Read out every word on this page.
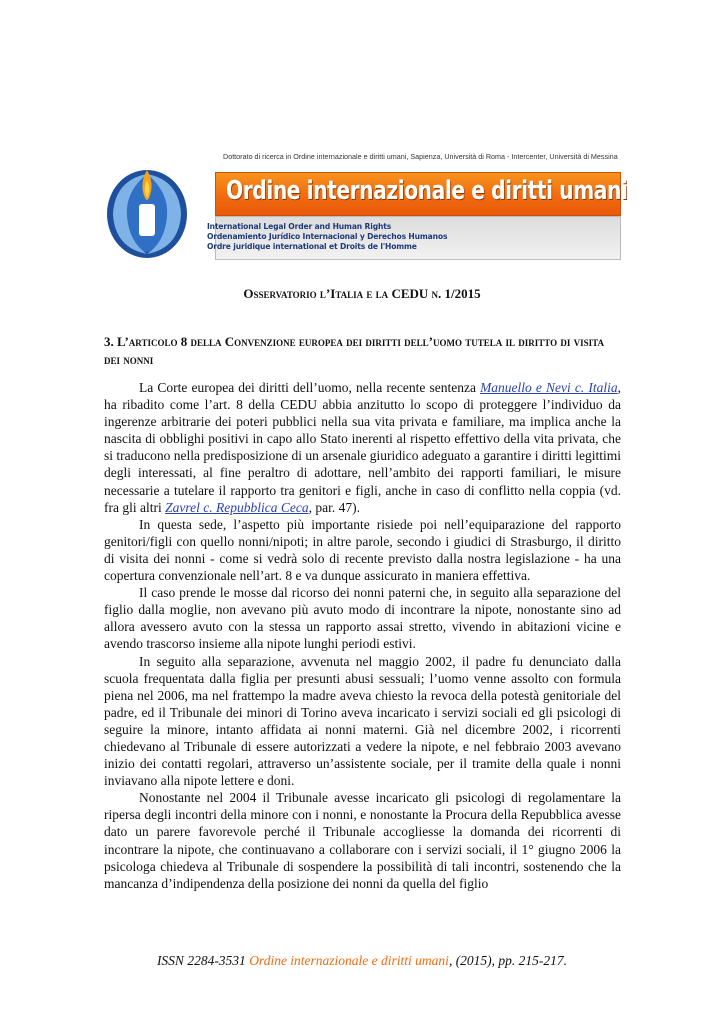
Dottorato di ricerca in Ordine internazionale e diritti umani, Sapienza, Università di Roma - Intercenter, Università di Messina
Ordine internazionale e diritti umani
International Legal Order and Human Rights
Ordenamiento Jurídico Internacional y Derechos Humanos
Ordre juridique international et Droits de l'Homme
Osservatorio l’Italia e la CEDU n. 1/2015
3. L’articolo 8 della Convenzione europea dei diritti dell’uomo tutela il diritto di visita dei nonni

La Corte europea dei diritti dell’uomo, nella recente sentenza Manuello e Nevi c. Italia, ha ribadito come l’art. 8 della CEDU abbia anzitutto lo scopo di proteggere l’individuo da ingerenze arbitrarie dei poteri pubblici nella sua vita privata e familiare, ma implica anche la nascita di obblighi positivi in capo allo Stato inerenti al rispetto effettivo della vita privata, che si traducono nella predisposizione di un arsenale giuridico adeguato a garantire i diritti legittimi degli interessati, al fine peraltro di adottare, nell’ambito dei rapporti familiari, le misure necessarie a tutelare il rapporto tra genitori e figli, anche in caso di conflitto nella coppia (vd. fra gli altri Zavrel c. Repubblica Ceca, par. 47).

In questa sede, l’aspetto più importante risiede poi nell’equiparazione del rapporto genitori/figli con quello nonni/nipoti; in altre parole, secondo i giudici di Strasburgo, il diritto di visita dei nonni - come si vedrà solo di recente previsto dalla nostra legislazione - ha una copertura convenzionale nell’art. 8 e va dunque assicurato in maniera effettiva.

Il caso prende le mosse dal ricorso dei nonni paterni che, in seguito alla separazione del figlio dalla moglie, non avevano più avuto modo di incontrare la nipote, nonostante sino ad allora avessero avuto con la stessa un rapporto assai stretto, vivendo in abitazioni vicine e avendo trascorso insieme alla nipote lunghi periodi estivi.

In seguito alla separazione, avvenuta nel maggio 2002, il padre fu denunciato dalla scuola frequentata dalla figlia per presunti abusi sessuali; l’uomo venne assolto con formula piena nel 2006, ma nel frattempo la madre aveva chiesto la revoca della potestà genitoriale del padre, ed il Tribunale dei minori di Torino aveva incaricato i servizi sociali ed gli psicologi di seguire la minore, intanto affidata ai nonni materni. Già nel dicembre 2002, i ricorrenti chiedevano al Tribunale di essere autorizzati a vedere la nipote, e nel febbraio 2003 avevano inizio dei contatti regolari, attraverso un’assistente sociale, per il tramite della quale i nonni inviavano alla nipote lettere e doni.

Nonostante nel 2004 il Tribunale avesse incaricato gli psicologi di regolamentare la ripersa degli incontri della minore con i nonni, e nonostante la Procura della Repubblica avesse dato un parere favorevole perché il Tribunale accogliesse la domanda dei ricorrenti di incontrare la nipote, che continuavano a collaborare con i servizi sociali, il 1° giugno 2006 la psicologa chiedeva al Tribunale di sospendere la possibilità di tali incontri, sostenendo che la mancanza d’indipendenza della posizione dei nonni da quella del figlio

ISSN 2284-3531 Ordine internazionale e diritti umani, (2015), pp. 215-217.
